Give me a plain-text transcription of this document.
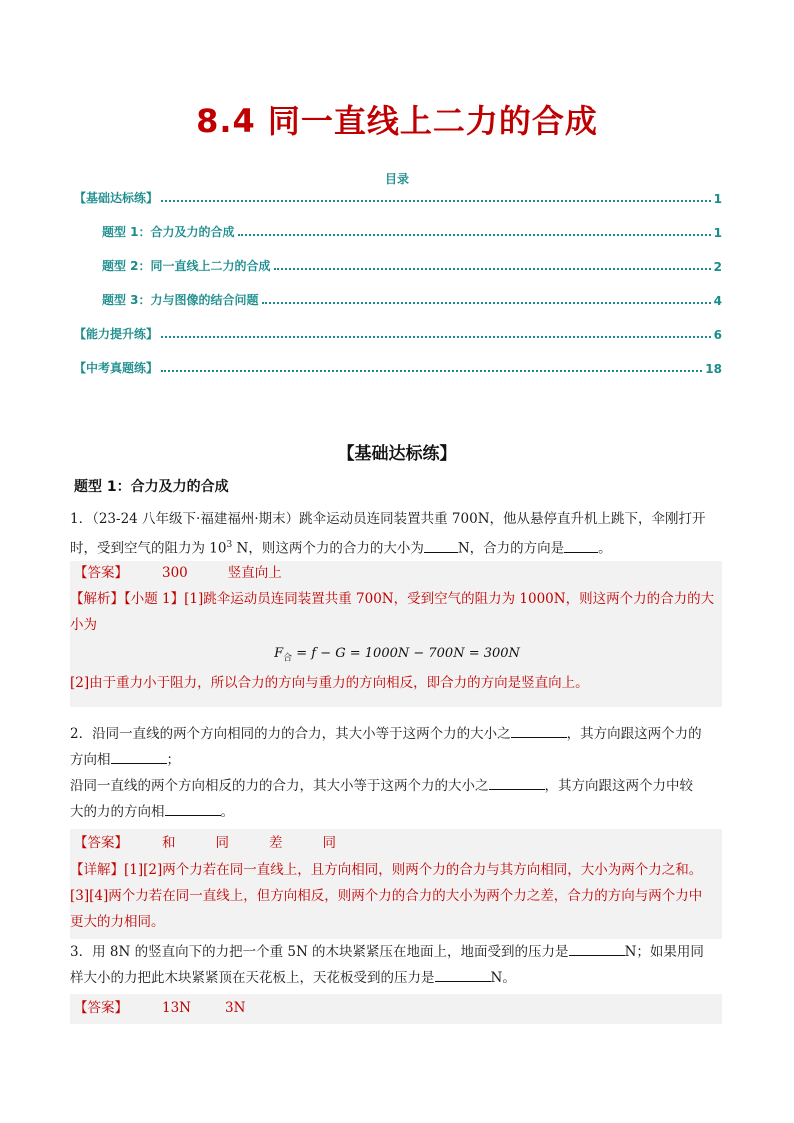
8.4 同一直线上二力的合成
目录
【基础达标练】	1
题型 1：合力及力的合成	1
题型 2：同一直线上二力的合成	2
题型 3：力与图像的结合问题	4
【能力提升练】	6
【中考真题练】	18
【基础达标练】
题型 1：合力及力的合成
1．（23-24 八年级下·福建福州·期末）跳伞运动员连同装置共重 700N，他从悬停直升机上跳下，伞刚打开
时，受到空气的阻力为 $10^3$ N，则这两个力的合力的大小为	N，合力的方向是	。
【答案】	300	竖直向上
【解析】【小题 1】[1]跳伞运动员连同装置共重 700N，受到空气的阻力为 1000N，则这两个力的合力的大
小为
$F_合 = f - G = 1000N - 700N = 300N$
[2]由于重力小于阻力，所以合力的方向与重力的方向相反，即合力的方向是竖直向上。
2．沿同一直线的两个方向相同的力的合力，其大小等于这两个力的大小之	，其方向跟这两个力的
方向相	；
沿同一直线的两个方向相反的力的合力，其大小等于这两个力的大小之	，其方向跟这两个力中较
大的力的方向相	。
【答案】	和	同	差	同
【详解】[1][2]两个力若在同一直线上，且方向相同，则两个力的合力与其方向相同，大小为两个力之和。
[3][4]两个力若在同一直线上，但方向相反，则两个力的合力的大小为两个力之差，合力的方向与两个力中
更大的力相同。
3．用 8N 的竖直向下的力把一个重 5N 的木块紧紧压在地面上，地面受到的压力是	N；如果用同
样大小的力把此木块紧紧顶在天花板上，天花板受到的压力是	N。
【答案】	13N	3N
